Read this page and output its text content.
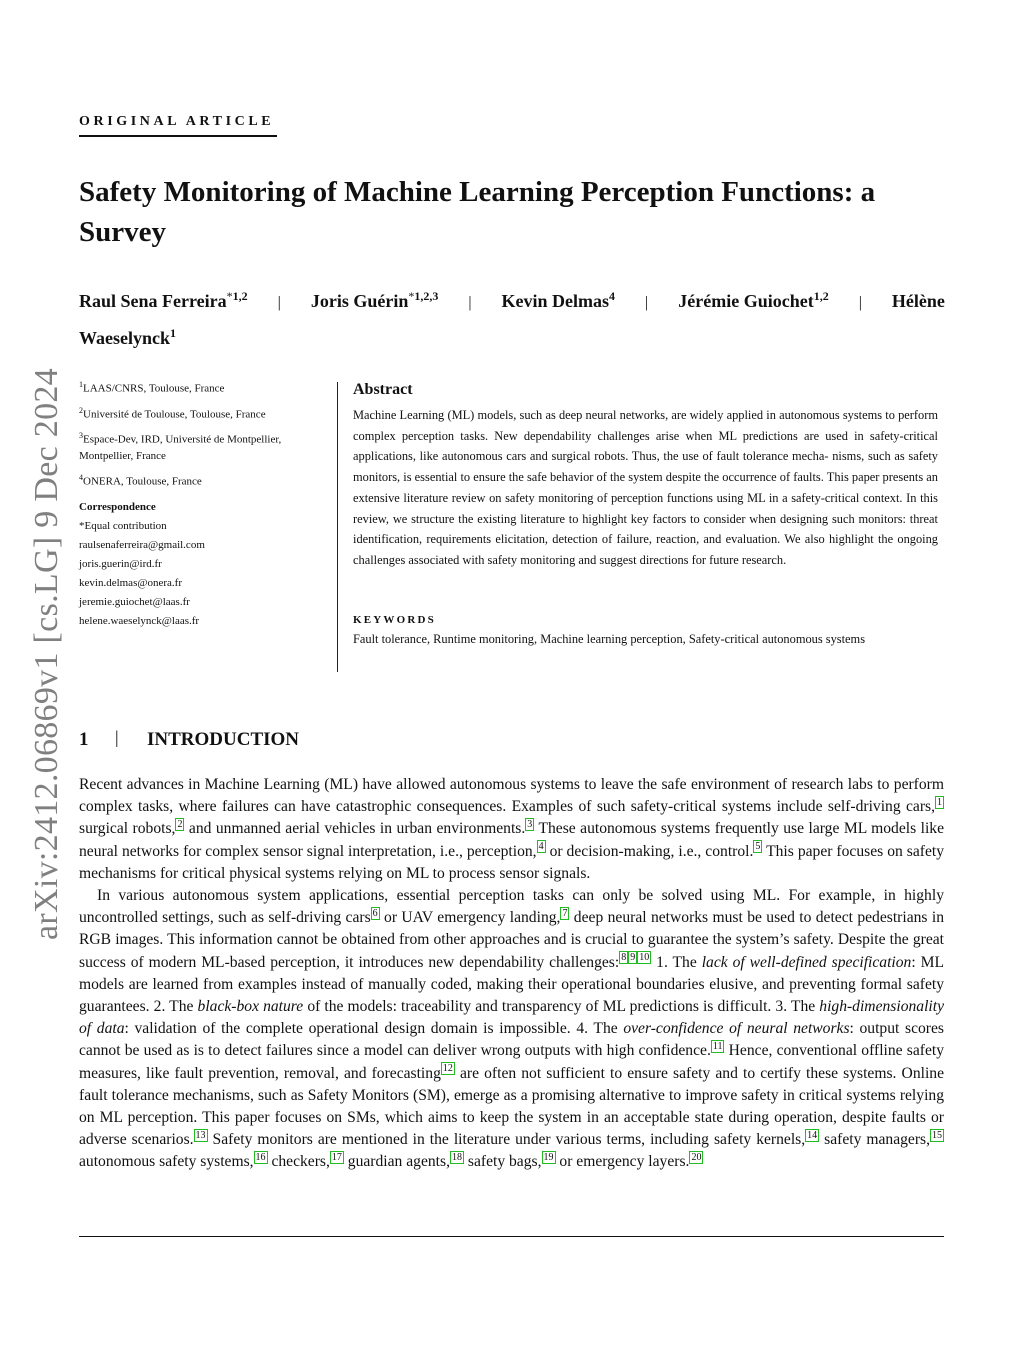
arXiv:2412.06869v1 [cs.LG] 9 Dec 2024
ORIGINAL ARTICLE
Safety Monitoring of Machine Learning Perception Functions: a Survey
Raul Sena Ferreira$^{*1,2}$ | Joris Guérin$^{*1,2,3}$ | Kevin Delmas$^4$ | Jérémie Guiochet$^{1,2}$ | Hélène
Waeselynck$^1$
$^1$LAAS/CNRS, Toulouse, France
$^2$Université de Toulouse, Toulouse, France
$^3$Espace-Dev, IRD, Université de Montpellier, Montpellier, France
$^4$ONERA, Toulouse, France
Correspondence
*Equal contribution
raulsenaferreira@gmail.com
joris.guerin@ird.fr
kevin.delmas@onera.fr
jeremie.guiochet@laas.fr
helene.waeselynck@laas.fr
Abstract
Machine Learning (ML) models, such as deep neural networks, are widely applied in autonomous systems to perform complex perception tasks. New dependability challenges arise when ML predictions are used in safety-critical applications, like autonomous cars and surgical robots. Thus, the use of fault tolerance mecha- nisms, such as safety monitors, is essential to ensure the safe behavior of the system despite the occurrence of faults. This paper presents an extensive literature review on safety monitoring of perception functions using ML in a safety-critical context. In this review, we structure the existing literature to highlight key factors to consider when designing such monitors: threat identification, requirements elicitation, detection of failure, reaction, and evaluation. We also highlight the ongoing challenges associated with safety monitoring and suggest directions for future research.
KEYWORDS
Fault tolerance, Runtime monitoring, Machine learning perception, Safety-critical autonomous systems
1 | INTRODUCTION

Recent advances in Machine Learning (ML) have allowed autonomous systems to leave the safe environment of research labs to perform complex tasks, where failures can have catastrophic consequences. Examples of such safety-critical systems include self-driving cars, $^1$ surgical robots, $^2$ and unmanned aerial vehicles in urban environments. $^3$ These autonomous systems frequently use large ML models like neural networks for complex sensor signal interpretation, i.e., perception, $^4$ or decision-making, i.e., control. $^5$ This paper focuses on safety mechanisms for critical physical systems relying on ML to process sensor signals.

In various autonomous system applications, essential perception tasks can only be solved using ML. For example, in highly uncontrolled settings, such as self-driving cars $^6$ or UAV emergency landing, $^7$ deep neural networks must be used to detect pedestrians in RGB images. This information cannot be obtained from other approaches and is crucial to guarantee the system’s safety. Despite the great success of modern ML-based perception, it introduces new dependability challenges: $^8$ $^9$ $^{10}$ 1. The lack of well-defined specification: ML models are learned from examples instead of manually coded, making their operational boundaries elusive, and preventing formal safety guarantees. 2. The black-box nature of the models: traceability and transparency of ML predictions is difficult. 3. The high-dimensionality of data: validation of the complete operational design domain is impossible. 4. The over-confidence of neural networks: output scores cannot be used as is to detect failures since a model can deliver wrong outputs with high confidence. $^{11}$ Hence, conventional offline safety measures, like fault prevention, removal, and forecasting $^{12}$ are often not sufficient to ensure safety and to certify these systems. Online fault tolerance mechanisms, such as Safety Monitors (SM), emerge as a promising alternative to improve safety in critical systems relying on ML perception. This paper focuses on SMs, which aims to keep the system in an acceptable state during operation, despite faults or adverse scenarios. $^{13}$ Safety monitors are mentioned in the literature under various terms, including safety kernels, $^{14}$ safety managers, $^{15}$ autonomous safety systems, $^{16}$ checkers, $^{17}$ guardian agents, $^{18}$ safety bags, $^{19}$ or emergency layers. $^{20}$
